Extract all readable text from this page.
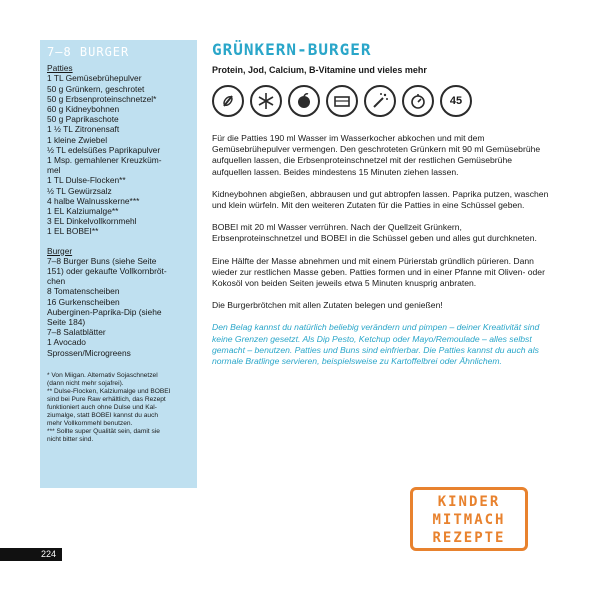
7–8 BURGER
Patties
1 TL Gemüsebrühepulver
50 g Grünkern, geschrotet
50 g Erbsenproteinschnetzel*
60 g Kidneybohnen
50 g Paprikaschote
1 ½ TL Zitronensaft
1 kleine Zwiebel
½ TL edelsüßes Paprikapulver
1 Msp. gemahlener Kreuzküm-
mel
1 TL Dulse-Flocken**
½ TL Gewürzsalz
4 halbe Walnusskerne***
1 EL Kalziumalge**
3 EL Dinkelvollkornmehl
1 EL BOBEI**
Burger
7–8 Burger Buns (siehe Seite
151) oder gekaufte Vollkornbröt-
chen
8 Tomatenscheiben
16 Gurkenscheiben
Auberginen-Paprika-Dip (siehe
Seite 184)
7–8 Salatblätter
1 Avocado
Sprossen/Microgreens
* Von Miigan. Alternativ Sojaschnetzel
(dann nicht mehr sojafrei).
** Dulse-Flocken, Kalziumalge und BOBEI
sind bei Pure Raw erhältlich, das Rezept
funktioniert auch ohne Dulse und Kal-
ziumalge, statt BOBEI kannst du auch
mehr Vollkornmehl benutzen.
*** Sollte super Qualität sein, damit sie
nicht bitter sind.
GRÜNKERN-BURGER
Protein, Jod, Calcium, B-Vitamine und vieles mehr
45

Für die Patties 190 ml Wasser im Wasserkocher abkochen und mit dem Gemüsebrühepulver vermengen. Den geschroteten Grünkern mit 90 ml Gemüsebrühe aufquellen lassen, die Erbsenproteinschnetzel mit der restlichen Gemüsebrühe aufquellen lassen. Beides mindestens 15 Minuten ziehen lassen.

Kidneybohnen abgießen, abbrausen und gut abtropfen lassen. Paprika putzen, waschen und klein würfeln. Mit den weiteren Zutaten für die Patties in eine Schüssel geben.

BOBEI mit 20 ml Wasser verrühren. Nach der Quellzeit Grünkern, Erbsenproteinschnetzel und BOBEI in die Schüssel geben und alles gut durchkneten.

Eine Hälfte der Masse abnehmen und mit einem Pürierstab gründlich pürieren. Dann wieder zur restlichen Masse geben. Patties formen und in einer Pfanne mit Oliven- oder Kokosöl von beiden Seiten jeweils etwa 5 Minuten knusprig anbraten.

Die Burgerbrötchen mit allen Zutaten belegen und genießen!

Den Belag kannst du natürlich beliebig verändern und pimpen – deiner Kreativität sind keine Grenzen gesetzt. Als Dip Pesto, Ketchup oder Mayo/Remoulade – alles selbst gemacht – benutzen. Patties und Buns sind einfrierbar. Die Patties kannst du auch als normale Bratlinge servieren, beispielsweise zu Kartoffelbrei oder Ähnlichem.

KINDER
MITMACH
REZEPTE
224
